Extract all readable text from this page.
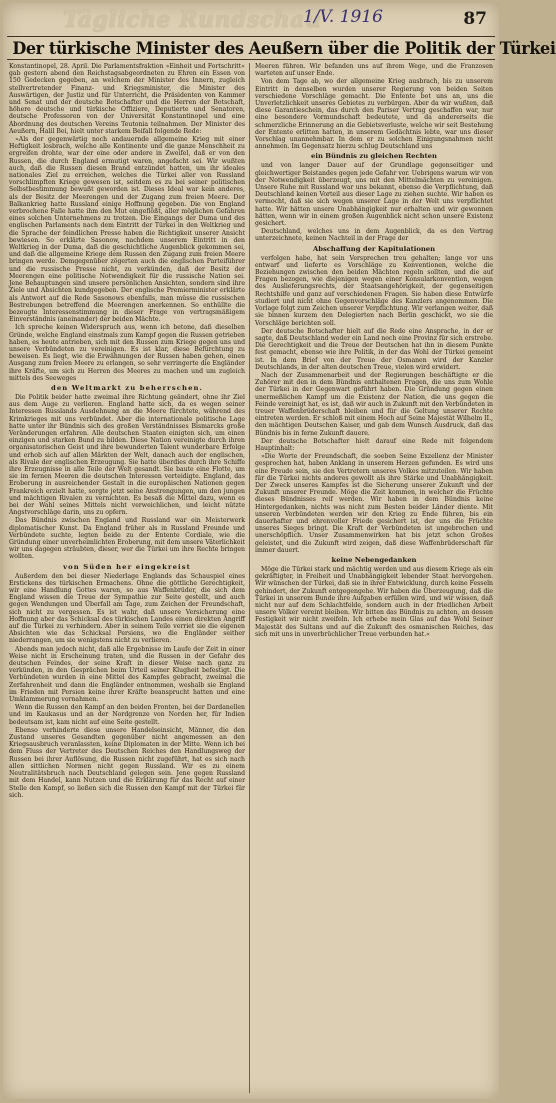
Tägliche Rundschau
1/V. 1916	87
Der türkische Minister des Aeußern über die Politik der Türkei

Konstantinopel, 28. April. Die Parlamentsfraktion »Einheit und Fortschritt« gab gestern abend den Reichstagsabgeordneten zu Ehren ein Essen von 150 Gedecken gegeben, an welchem der Minister des Innern, zugleich stellvertretender Finanz- und Kriegsminister, die Minister des Auswärtigen, der Justiz und für Unterricht, die Präsidenten von Kammer und Senat und der deutsche Botschafter und die Herren der Botschaft, höhere deutsche und türkische Offiziere, Deputierte und Senatoren, deutsche Professoren von der Universität Konstantinopel und eine Abordnung des deutschen Vereins Teutonia teilnahmen. Der Minister des Aeußern, Halil Bei, hielt unter starkem Beifall folgende Rede:

»Als der gegenwärtig noch andauernde allgemeine Krieg mit einer Heftigkeit losbrach, welche alle Kontinente und die ganze Menschheit zu ergreifen drohte, war der eine oder andere in Zweifel, daß er von den Russen, die durch England ermutigt waren, angefacht sei. Wir wußten auch, daß die Russen diesen Brand entzündet hatten, um ihr ideales nationales Ziel zu erreichen, welches die Türkei aller von Russland vorschlimpften Kriege gewesen ist, seitdem es zu bei seiner politischen Selbstbestimmung bewußt geworden ist. Dieses Ideal war kein anderes, als der Besitz der Meerengen und der Zugang zum freien Meere. Der Balkankrieg hatte Russland einige Hoffnung gegeben. Die von England verbrochene Falle hatte ihm den Mut eingeflößt, aller möglichen Gefahren eines solchen Unternehmens zu trotzen. Die Eingangs der Duma und des englischen Parlaments nach dem Eintritt der Türkei in den Weltkrieg und die Sprache der feindlichen Presse haben die Richtigkeit unserer Ansicht bewiesen. So erklärte Sasonow, nachdem unserem Eintritt in den Weltkrieg in der Duma, daß die geschichtliche Augenblick gekommen sei, und daß die allgemeine Kriege dem Russen den Zugang zum freien Meere bringen werde. Demgegenüber zögerten auch die englischen Parteiführer und die russische Presse nicht, zu verkünden, daß der Besitz der Meerengen eine politische Notwendigkeit für die russische Nation sei. Jene Behauptungen sind unsere persönlichen Ansichten, sondern sind ihre Ziele und Absichten kundgegeben. Der englische Premierminister erklärte als Antwort auf die Rede Sasonows ebenfalls, man müsse die russischen Bestrebungen betreffend die Meerengen anerkennen. So enthüllte die bezeugte Interessenstimmung in dieser Frage von vertragsmäßigem Einverständnis (aneinander) der beiden Mächte.

Ich spreche keinen Widerspruch aus, wenn ich betone, daß dieselben Gründe, welche England einstmals zum Kampf gegen die Russen getrieben haben, es heute antrieben, sich mit den Russen zum Kriege gegen uns und unsere Verbündeten zu vereinigen. Es ist klar, diese Befürchtung zu beweisen. Es liegt, wie die Erwähnungen der Russen haben gehen, einen Ausgang zum freien Meere zu erlangen, so sehr verringerte die Engländer ihre Kräfte, um sich zu Herren des Meeres zu machen und um zugleich mittels des Seeweges

den Weltmarkt zu beherrschen.

Die Politik beider hatte zweimal ihre Richtung geändert, ohne ihr Ziel aus dem Auge zu verlieren. England hatte sich, da es wegen seiner Interessen Russlands Ausdehnung an die Meere fürchtete, während des Krimkrieges mit uns verbündet. Aber die internationale politische Lage hatte unter ihr Bündnis sich des großen Verständnisses Bismarcks große Veränderungen erfahren. Alle deutschen Staaten einigten sich, um einen einzigen und starken Bund zu bilden. Diese Nation vereinigte durch ihren organisatorischen Geist und ihre bewunderten Talent wunderbare Erfolge und erhob sich auf allen Märkten der Welt, danach auch der englischen, als Rivale der englischen Erzeugung. Sie hatte überdies durch ihre Schiffe ihre Erzeugnisse in alle Teile der Welt gesandt. Sie baute eine Flotte, um sie im fernen Meeren die deutschen Interessen verteidigte. England, das Eroberung in ausreichender Gestalt in die europäischen Nationen gegen Frankreich erzielt hatte, sorgte jetzt seine Anstrengungen, um den jungen und mächtigen Rivalen zu vernichten. Es besaß die Mittel dazu, wenn es bei der Wahl seines Mittels nicht verweichlichen, und leicht nützte Angstvorschläge darin, uns zu opfern.

Das Bündnis zwischen England und Russland war ein Meisterwerk diplomatischer Kunst. Da England früher als in Russland Freunde und Verbündete suchte, legten beide zu der Entente Cordiale, wie die Gründung einer unverheimlichten Eroberung, mit dem unsere Väterlichkeit wir uns dagegen sträubten, dieser, wer die Türkei um ihre Rechte bringen wollten.

von Süden her eingekreist

Außerdem den bei dieser Niederlage Englands das Schauspiel eines Erstickens des türkischen Ermachens. Ohne die göttliche Gerechtigkeit, wir eine Handlung Gottes waren, so aus Waffenbrüder, die sich dem England wissen die Treue der Sympathie zur Seite gestellt, und auch gegen Wendungen und Überfall am Tage, zum Zeichen der Freundschaft, sich nicht zu vergessen. Es ist wahr, daß unsere Versicherung eine Hoffnung aber das Schicksal des türkischen Landes einen direkten Angriff auf die Türkei zu verhindern. Aber in seinem Teile verriet sie die eigenen Absichten wie das Schicksal Persiens, wo die Engländer seither niederrangen, um sie wenigstens nicht zu verlieren.

Abends man jedoch nicht, daß alle Ergebnisse im Laufe der Zeit in einer Weise nicht in Erscheinung traten, und die Russen in der Gefahr des deutschen Feindes, der seine Kraft in dieser Weise nach ganz zu verkünden, in den Gesprächen beim Urteil seiner Klugheit befestigt. Die Verbündeten wurden in eine Mittel des Kampfes gebracht, zweimal die Zerfahrenheit und dann die Engländer entnommen, weshalb sie England im Frieden mit Persien keine ihrer Kräfte beansprucht hatten und eine Umklammerung vornahmen.

Wenn die Russen den Kampf an den beiden Fronten, bei der Dardanellen und im Kaukasus und an der Nordgrenze von Norden her, für Indien bedeutsam ist, kam nicht auf eine Seite gestellt.

Ebenso verhinderte diese unsere Handelseinsicht, Männer, die den Zustand unseres Gesandten gegenüber nicht angemessen an den Kriegsausbruch veranlassten, keine Diplomaten in der Mitte. Wenn ich bei dem Fluss der Vertreter des Deutschen Reiches den Handlungsweg der Russen bei ihrer Auflösung, die Russen nicht zugeführt, hat es sich nach allen sittlichen Normen nicht gegen Russland. Wir es zu einem Neutralitätsbruch nach Deutschland gelegen sein. Jene gegen Russland mit dem Handel, kann Nutzen und die Erklärung für das Recht auf einer Stelle den Kampf, so ließen sich die Russen den Kampf mit der Türkei für sich.

Meeren führen. Wir befanden uns auf ihrem Wege, und die Franzosen warteten auf unser Ende.

Von dem Tage ab, wo der allgemeine Krieg ausbrach, bis zu unserem Eintritt in denselben wurden unserer Regierung von beiden Seiten verschiedene Vorschläge gemacht. Die Entente bot uns an, uns die Unverletzlichkeit unseres Gebietes zu verbürgen. Aber da wir wußten, daß diese Garantieschein, das durch den Pariser Vertrag geschaffen war, nur eine besondere Vormundschaft bedeutete, und da andererseits die schmerzliche Erinnerung an die Gebietsverluste, welche wir seit Bestehung der Entente erlitten hatten, in unserem Gedächtnis lebte, war uns dieser Vorschlag unannehmbar. In dem er zu solchen Einigungsnahmen nicht annehmen. Im Gegensatz hierzu schlug Deutschland uns

ein Bündnis zu gleichen Rechten

und von langer Dauer auf der Grundlage gegenseitiger und gleichwertiger Beistandes gegen jede Gefahr vor. Uebrigens warum wir von der Notwendigkeit überzeugt, uns mit den Mittelmächten zu vereinigen. Unsere Ruhe mit Russland war uns bekannt, ebenso die Verpflichtung, daß Deutschland keinen Vorteil aus dieser Lage zu ziehen suchte. Wir haben es vermocht, daß sie sich wegen unserer Lage in der Welt uns verpflichtet hatte. Wir hätten unsere Unabhängigkeit nur erhalten und wir gewonnen hätten, wenn wir in einem großen Augenblick nicht schon unsere Existenz gesichert.

Deutschland, welches uns in dem Augenblick, da es den Vertrag unterzeichnete, keinen Nachteil in der Frage der

Abschaffung der Kapitulationen

verfolgen habe, hat sein Versprechen treu gehalten; lange vor uns entwarf und lieferte es Vorschläge zu Konventionen, welche die Beziehungen zwischen den beiden Mächten regeln sollten, und die auf Fragen bezogen, wie diejenigen wegen einer Konsularkonvention, wegen des Auslieferungsrechts, der Staatsangehörigkeit, der gegenseitigen Rechtshilfe und ganz auf verschiedenen Fragen. Sie haben diese Entwürfe studiert und nicht ohne Gegenvorschläge des Kanzlers angenommen. Die Vorlage folgt zum Zeichen unserer Verpflichtung. Wir verlangen weiter, daß sie binnen kurzem den Delegierten nach Berlin geschickt, wo sie die Vorschläge berichten soll.

Der deutsche Botschafter hielt auf die Rede eine Ansprache, in der er sagte, daß Deutschland weder ein Land noch eine Provinz für sich erstrebe. Die Gerechtigkeit und die Treue der Deutschen hat ihn in diesem Punkte fest gemacht, ebenso wie ihre Politik, in der das Wohl der Türkei gemeint ist. In dem Brief von der Treue der Osmanen wird der Kanzler Deutschlands, in der alten deutschen Treue, vielen wird erwidert.

Nach der Zusammenarbeit und der Regierungen beschäftigte er die Zuhörer mit den in dem Bündnis enthaltenen Fragen, die uns zum Wohle der Türkei in der Gegenwart geführt haben. Die Gründung gegen einen unermeßlichen Kampf um die Existenz der Nation, die uns gegen die Feinde vereinigt hat, es ist, daß wir auch in Zukunft mit den Verbündeten in treuer Waffenbrüderschaft bleiben und für die Geltung unserer Rechte eintreten werden. Er schloß mit einem Hoch auf Seine Majestät Wilhelm II., den mächtigen Deutschen Kaiser, und gab dem Wunsch Ausdruck, daß das Bündnis bis in ferne Zukunft dauere.

Der deutsche Botschafter hielt darauf eine Rede mit folgendem Hauptinhalt:

»Die Worte der Freundschaft, die soeben Seine Exzellenz der Minister gesprochen hat, haben Anklang in unserem Herzen gefunden. Es wird uns eine Freude sein, sie den Vertretern unseres Volkes mitzuteilen. Wir haben für die Türkei nichts anderes gewollt als ihre Stärke und Unabhängigkeit. Der Zweck unseres Kampfes ist die Sicherung unserer Zukunft und der Zukunft unserer Freunde. Möge die Zeit kommen, in welcher die Früchte dieses Bündnisses reif werden. Wir haben in dem Bündnis keine Hintergedanken, nichts was nicht zum Besten beider Länder diente. Mit unseren Verbündeten werden wir den Krieg zu Ende führen, bis ein dauerhafter und ehrenvoller Friede gesichert ist, der uns die Früchte unseres Sieges bringt. Die Kraft der Verbündeten ist ungebrochen und unerschöpflich. Unser Zusammenwirken hat bis jetzt schon Großes geleistet, und die Zukunft wird zeigen, daß diese Waffenbrüderschaft für immer dauert.

keine Nebengedanken

Möge die Türkei stark und mächtig werden und aus diesem Kriege als ein gekräftigter, in Freiheit und Unabhängigkeit lebender Staat hervorgehen. Wir wünschen der Türkei, daß sie in ihrer Entwicklung, durch keine Fesseln gehindert, der Zukunft entgegengehe. Wir haben die Überzeugung, daß die Türkei in unserem Bunde ihre Aufgaben erfüllen wird, und wir wissen, daß nicht nur auf dem Schlachtfelde, sondern auch in der friedlichen Arbeit unsere Völker vereint bleiben. Wir bitten das Bündnis zu achten, an dessen Festigkeit wir nicht zweifeln. Ich erhebe mein Glas auf das Wohl Seiner Majestät des Sultans und auf die Zukunft des osmanischen Reiches, das sich mit uns in unverbrüchlicher Treue verbunden hat.«
